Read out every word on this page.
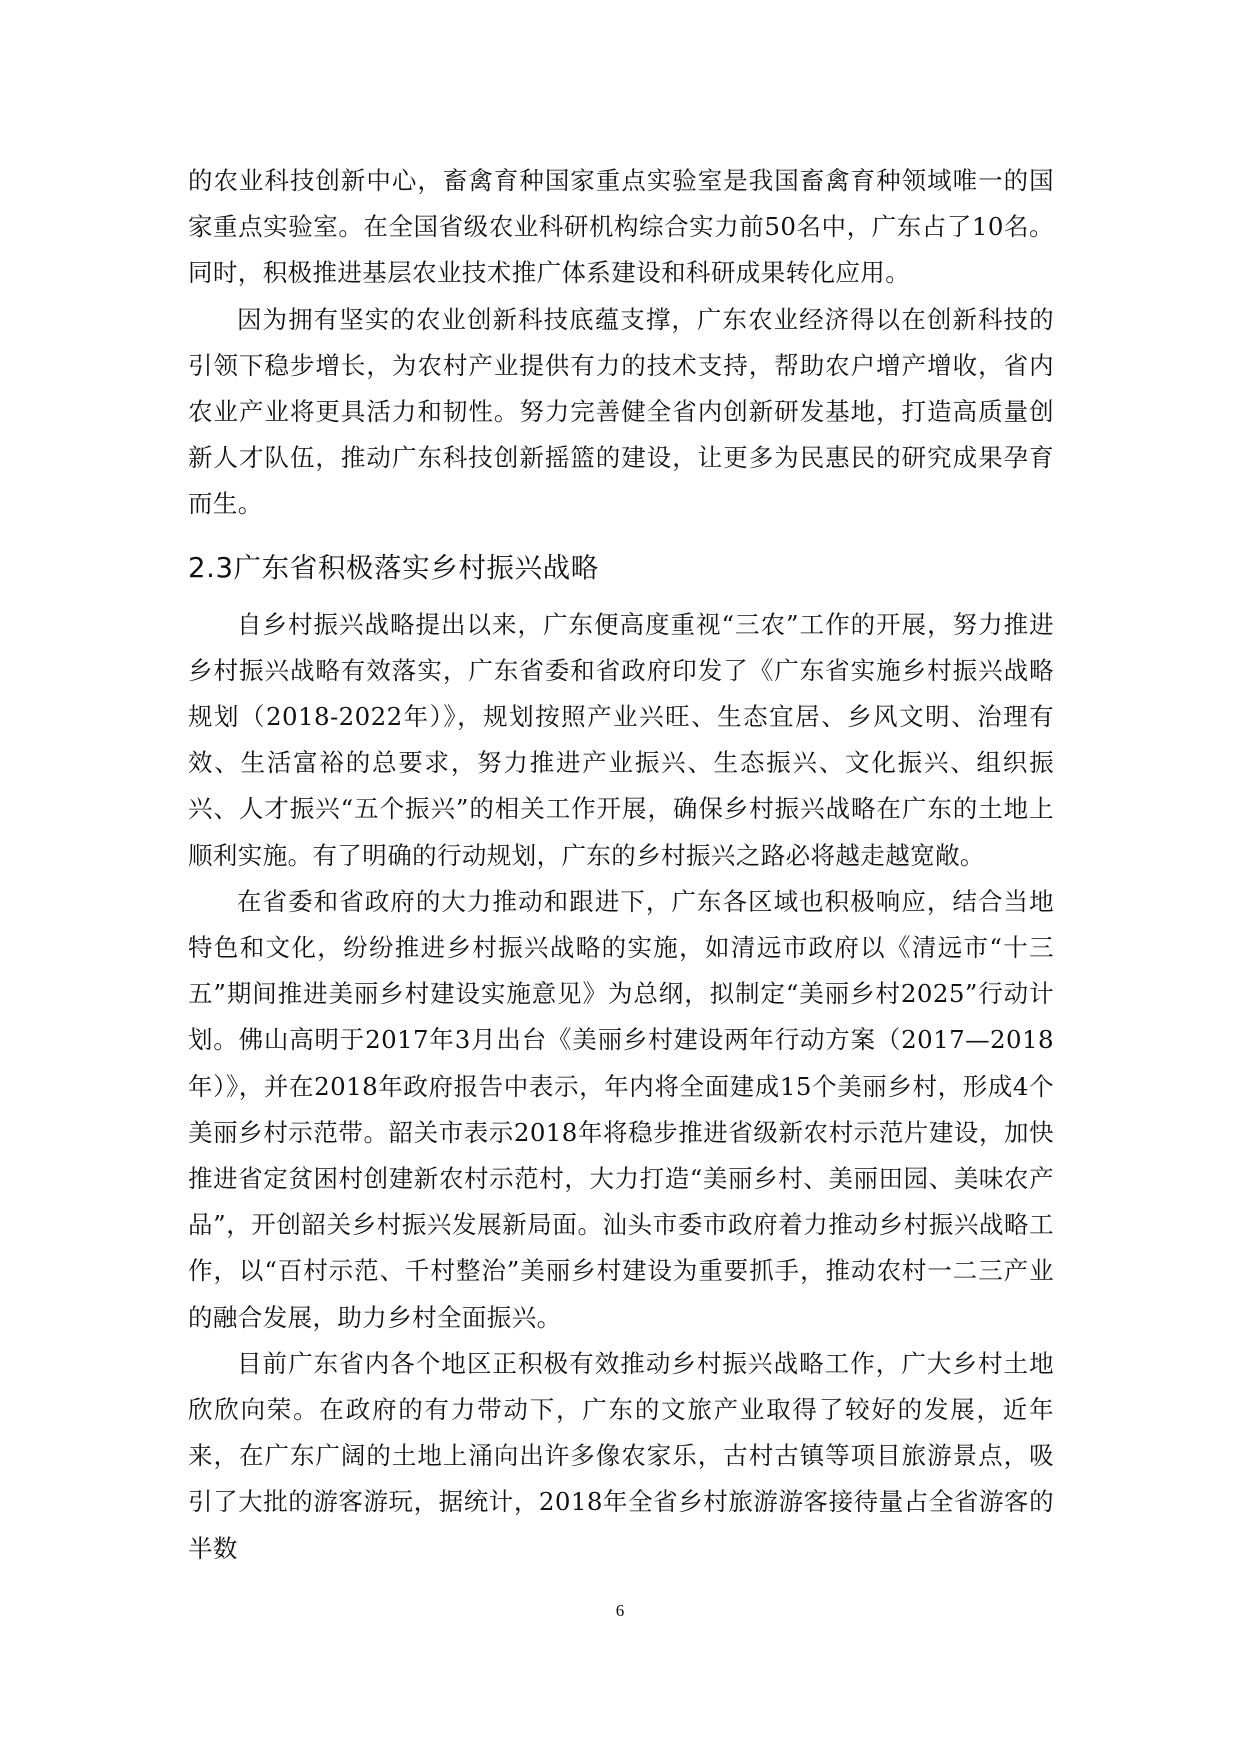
的农业科技创新中心，畜禽育种国家重点实验室是我国畜禽育种领域唯一的国家重点实验室。在全国省级农业科研机构综合实力前50名中，广东占了10名。同时，积极推进基层农业技术推广体系建设和科研成果转化应用。

因为拥有坚实的农业创新科技底蕴支撑，广东农业经济得以在创新科技的引领下稳步增长，为农村产业提供有力的技术支持，帮助农户增产增收，省内农业产业将更具活力和韧性。努力完善健全省内创新研发基地，打造高质量创新人才队伍，推动广东科技创新摇篮的建设，让更多为民惠民的研究成果孕育而生。

2.3广东省积极落实乡村振兴战略

自乡村振兴战略提出以来，广东便高度重视“三农”工作的开展，努力推进乡村振兴战略有效落实，广东省委和省政府印发了《广东省实施乡村振兴战略规划（2018-2022年）》，规划按照产业兴旺、生态宜居、乡风文明、治理有效、生活富裕的总要求，努力推进产业振兴、生态振兴、文化振兴、组织振兴、人才振兴“五个振兴”的相关工作开展，确保乡村振兴战略在广东的土地上顺利实施。有了明确的行动规划，广东的乡村振兴之路必将越走越宽敞。

在省委和省政府的大力推动和跟进下，广东各区域也积极响应，结合当地特色和文化，纷纷推进乡村振兴战略的实施，如清远市政府以《清远市“十三五”期间推进美丽乡村建设实施意见》为总纲，拟制定“美丽乡村2025”行动计划。佛山高明于2017年3月出台《美丽乡村建设两年行动方案（2017—2018年）》，并在2018年政府报告中表示，年内将全面建成15个美丽乡村，形成4个美丽乡村示范带。韶关市表示2018年将稳步推进省级新农村示范片建设，加快推进省定贫困村创建新农村示范村，大力打造“美丽乡村、美丽田园、美味农产品”，开创韶关乡村振兴发展新局面。汕头市委市政府着力推动乡村振兴战略工作，以“百村示范、千村整治”美丽乡村建设为重要抓手，推动农村一二三产业的融合发展，助力乡村全面振兴。

目前广东省内各个地区正积极有效推动乡村振兴战略工作，广大乡村土地欣欣向荣。在政府的有力带动下，广东的文旅产业取得了较好的发展，近年来，在广东广阔的土地上涌向出许多像农家乐，古村古镇等项目旅游景点，吸引了大批的游客游玩，据统计，2018年全省乡村旅游游客接待量占全省游客的半数

6
